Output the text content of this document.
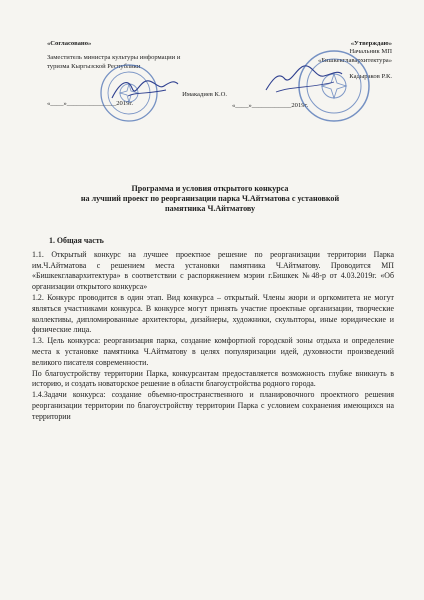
«Согласовано»
Заместитель министра культуры информации и
туризма Кыргызской Республики
Имакадиев К.О.
«____»_______________2019г.
«Утверждаю»
Начальник МП
«Бишкекглавархитектура»
Кадыраков Р.К.
«____»____________2019г.
Программа и условия открытого конкурса
на лучший проект по реорганизации парка Ч.Айтматова с установкой
памятника Ч.Айтматову

1. Общая часть

1.1. Открытый конкурс на лучшее проектное решение по реорганизации территории Парка им.Ч.Айтматова с решением места установки памятника Ч.Айтматову. Проводится МП «Бишкекглавархитектура» в соответствии с распоряжением мэрии г.Бишкек №48-р от 4.03.2019г. «Об организации открытого конкурса»

1.2. Конкурс проводится в один этап. Вид конкурса – открытый. Члены жюри и оргкомитета не могут являться участниками конкурса. В конкурсе могут принять участие проектные организации, творческие коллективы, дипломированные архитекторы, дизайнеры, художники, скульпторы, иные юридические и физические лица.

1.3. Цель конкурса: реорганизация парка, создание комфортной городской зоны отдыха и определение места к установке памятника Ч.Айтматову в целях популяризации идей, духовности произведений великого писателя современности.

По благоустройству территории Парка, конкурсантам предоставляется возможность глубже вникнуть в историю, и создать новаторское решение в области благоустройства родного города.

1.4.Задачи конкурса: создание объемно-пространственного и планировочного проектного решения реорганизации территории по благоустройству территории Парка с условием сохранения имеющихся на территории
